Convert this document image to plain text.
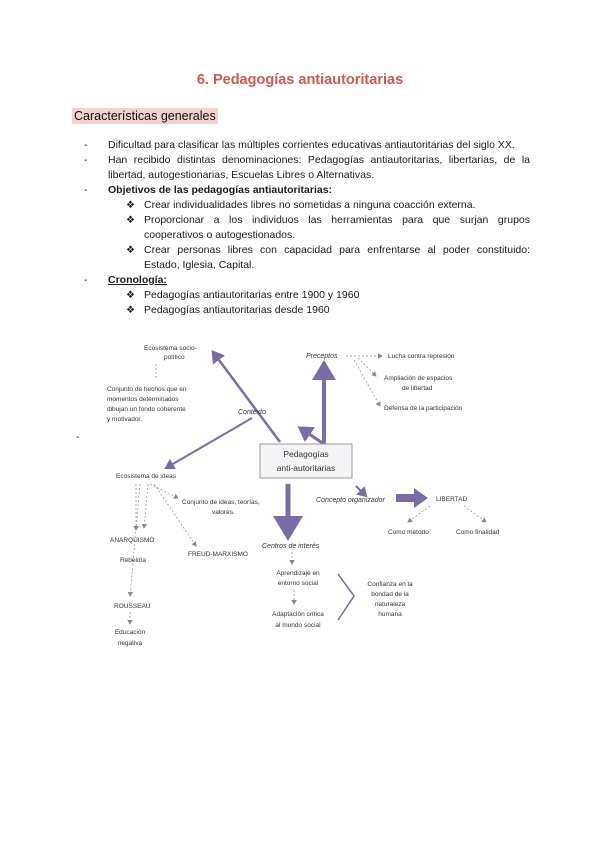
6. Pedagogías antiautoritarias
Características generales
- Dificultad para clasificar las múltiples corrientes educativas antiautoritarias del siglo XX.
- Han recibido distintas denominaciones: Pedagogías antiautoritarias, libertarias, de la libertad, autogestionarias, Escuelas Libres o Alternativas.
- Objetivos de las pedagogías antiautoritarias:
❖ Crear individualidades libres no sometidas a ninguna coacción externa.
❖ Proporcionar a los individuos las herramientas para que surjan grupos cooperativos o autogestionados.
❖ Crear personas libres con capacidad para enfrentarse al poder constituido: Estado, Iglesia, Capital.
- Cronología:
❖ Pedagogías antiautoritarias entre 1900 y 1960
❖ Pedagogías antiautoritarias desde 1960
-
Pedagogías
anti-autoritarias
Ecosistema socio-
político
Conjunto de hechos que en
momentos determinados
dibujan un fondo coherente
y motivador.
Contexto
Preceptos	Lucha contra represión
Ampliación de espacios
de libertad
Defensa de la participación
Ecosistema de ideas
Conjunto de ideas, teorías,
valores.
ANARQUISMO
Rebeldía
FREUD-MARXISMO
ROUSSEAU
Educación
negativa
Concepto organizador	LIBERTAD
Como método	Como finalidad
Centros de interés
Aprendizaje en
entorno social
Adaptación crítica
al mundo social
Confianza en la
bondad de la
naturaleza
humana
